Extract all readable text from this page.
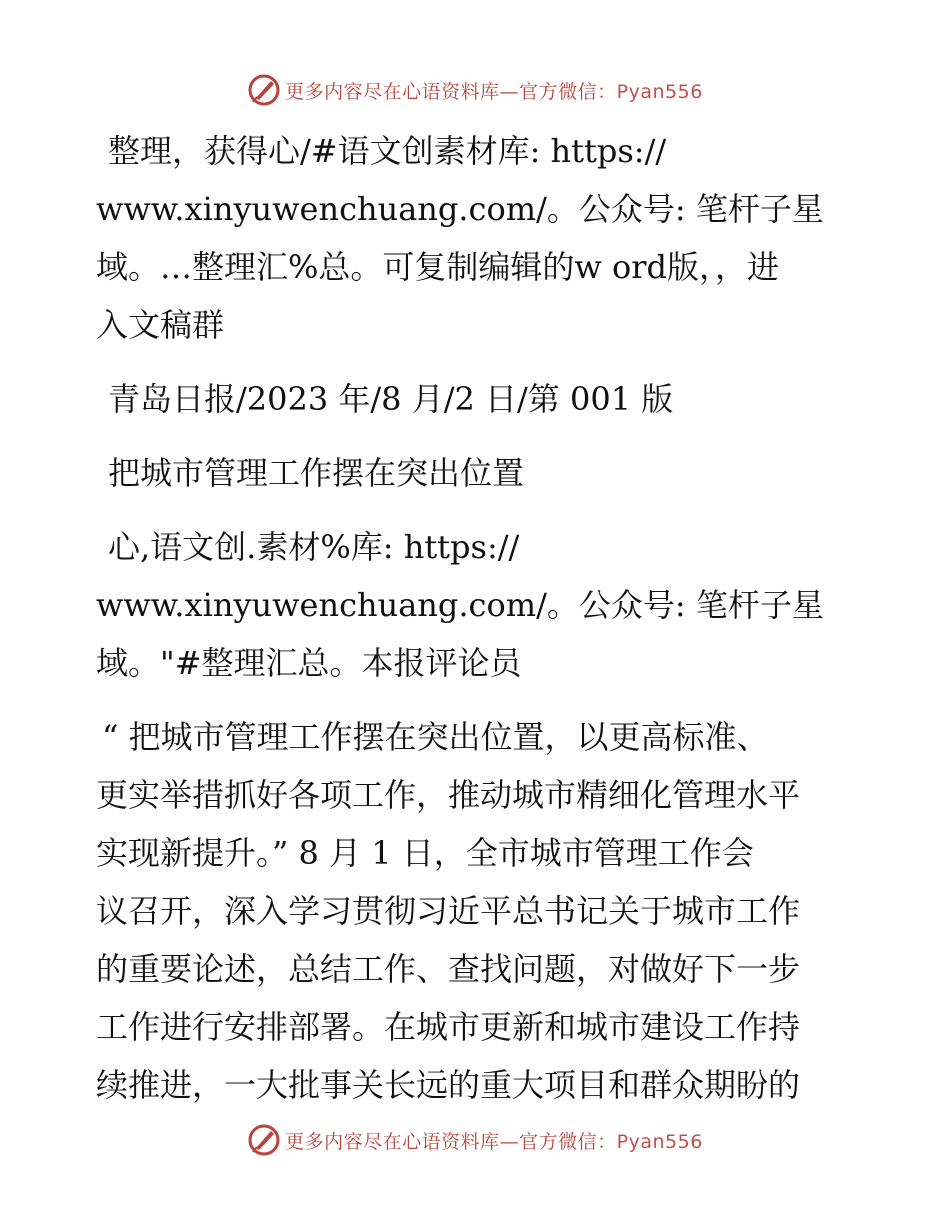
更多内容尽在心语资料库—官方微信：Pyan556

整理，获得心/#语文创素材库: https://

www.xinyuwenchuang.com/。公众号: 笔杆子星

域。…整理汇%总。可复制编辑的w ord版，，进

入文稿群

青岛日报/2023 年/8 月/2 日/第 001 版

把城市管理工作摆在突出位置

心,语文创.素材%库: https://

www.xinyuwenchuang.com/。公众号: 笔杆子星

域。"#整理汇总。本报评论员

“ 把城市管理工作摆在突出位置，以更高标准、

更实举措抓好各项工作，推动城市精细化管理水平

实现新提升。” 8 月 1 日，全市城市管理工作会

议召开，深入学习贯彻习近平总书记关于城市工作

的重要论述，总结工作、查找问题，对做好下一步

工作进行安排部署。在城市更新和城市建设工作持

续推进，一大批事关长远的重大项目和群众期盼的

更多内容尽在心语资料库—官方微信：Pyan556
